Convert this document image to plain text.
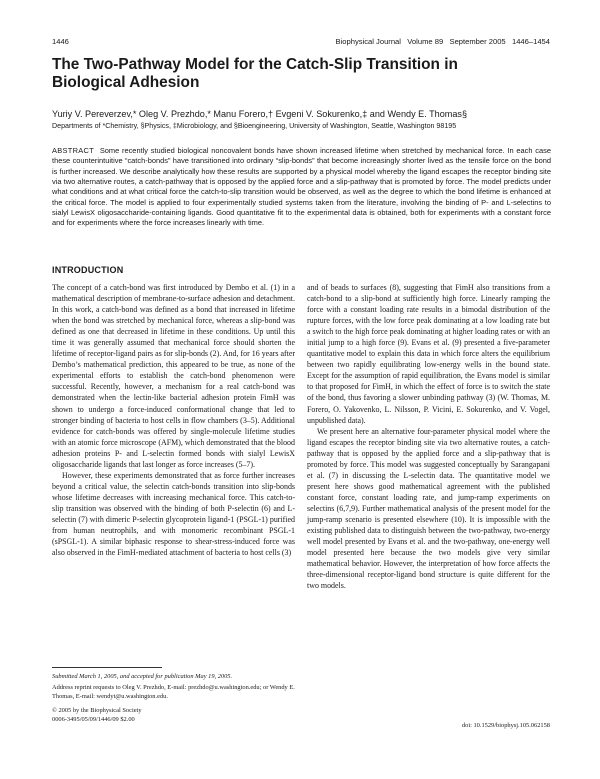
1446	Biophysical Journal   Volume 89   September 2005   1446–1454
The Two-Pathway Model for the Catch-Slip Transition in Biological Adhesion
Yuriy V. Pereverzev,* Oleg V. Prezhdo,* Manu Forero,† Evgeni V. Sokurenko,‡ and Wendy E. Thomas§
Departments of *Chemistry, §Physics, ‡Microbiology, and §Bioengineering, University of Washington, Seattle, Washington 98195

ABSTRACT Some recently studied biological noncovalent bonds have shown increased lifetime when stretched by mechanical force. In each case these counterintuitive “catch-bonds” have transitioned into ordinary “slip-bonds” that become increasingly shorter lived as the tensile force on the bond is further increased. We describe analytically how these results are supported by a physical model whereby the ligand escapes the receptor binding site via two alternative routes, a catch-pathway that is opposed by the applied force and a slip-pathway that is promoted by force. The model predicts under what conditions and at what critical force the catch-to-slip transition would be observed, as well as the degree to which the bond lifetime is enhanced at the critical force. The model is applied to four experimentally studied systems taken from the literature, involving the binding of P- and L-selectins to sialyl LewisX oligosaccharide-containing ligands. Good quantitative fit to the experimental data is obtained, both for experiments with a constant force and for experiments where the force increases linearly with time.

INTRODUCTION

The concept of a catch-bond was first introduced by Dembo et al. (1) in a mathematical description of membrane-to-surface adhesion and detachment. In this work, a catch-bond was defined as a bond that increased in lifetime when the bond was stretched by mechanical force, whereas a slip-bond was defined as one that decreased in lifetime in these conditions. Up until this time it was generally assumed that mechanical force should shorten the lifetime of receptor-ligand pairs as for slip-bonds (2). And, for 16 years after Dembo’s mathematical prediction, this appeared to be true, as none of the experimental efforts to establish the catch-bond phenomenon were successful. Recently, however, a mechanism for a real catch-bond was demonstrated when the lectin-like bacterial adhesion protein FimH was shown to undergo a force-induced conformational change that led to stronger binding of bacteria to host cells in flow chambers (3–5). Additional evidence for catch-bonds was offered by single-molecule lifetime studies with an atomic force microscope (AFM), which demonstrated that the blood adhesion proteins P- and L-selectin formed bonds with sialyl LewisX oligosaccharide ligands that last longer as force increases (5–7).

However, these experiments demonstrated that as force further increases beyond a critical value, the selectin catch-bonds transition into slip-bonds whose lifetime decreases with increasing mechanical force. This catch-to-slip transition was observed with the binding of both P-selectin (6) and L-selectin (7) with dimeric P-selectin glycoprotein ligand-1 (PSGL-1) purified from human neutrophils, and with monomeric recombinant PSGL-1 (sPSGL-1). A similar biphasic response to shear-stress-induced force was also observed in the FimH-mediated attachment of bacteria to host cells (3)

and of beads to surfaces (8), suggesting that FimH also transitions from a catch-bond to a slip-bond at sufficiently high force. Linearly ramping the force with a constant loading rate results in a bimodal distribution of the rupture forces, with the low force peak dominating at a low loading rate but a switch to the high force peak dominating at higher loading rates or with an initial jump to a high force (9). Evans et al. (9) presented a five-parameter quantitative model to explain this data in which force alters the equilibrium between two rapidly equilibrating low-energy wells in the bound state. Except for the assumption of rapid equilibration, the Evans model is similar to that proposed for FimH, in which the effect of force is to switch the state of the bond, thus favoring a slower unbinding pathway (3) (W. Thomas, M. Forero, O. Yakovenko, L. Nilsson, P. Vicini, E. Sokurenko, and V. Vogel, unpublished data).

We present here an alternative four-parameter physical model where the ligand escapes the receptor binding site via two alternative routes, a catch-pathway that is opposed by the applied force and a slip-pathway that is promoted by force. This model was suggested conceptually by Sarangapani et al. (7) in discussing the L-selectin data. The quantitative model we present here shows good mathematical agreement with the published constant force, constant loading rate, and jump-ramp experiments on selectins (6,7,9). Further mathematical analysis of the present model for the jump-ramp scenario is presented elsewhere (10). It is impossible with the existing published data to distinguish between the two-pathway, two-energy well model presented by Evans et al. and the two-pathway, one-energy well model presented here because the two models give very similar mathematical behavior. However, the interpretation of how force affects the three-dimensional receptor-ligand bond structure is quite different for the two models.

Submitted March 1, 2005, and accepted for publication May 19, 2005.
Address reprint requests to Oleg V. Prezhdo, E-mail: prezhdo@u.washington.edu; or Wendy E. Thomas, E-mail: wendyt@u.washington.edu.
© 2005 by the Biophysical Society
0006-3495/05/09/1446/09 $2.00
doi: 10.1529/biophysj.105.062158
